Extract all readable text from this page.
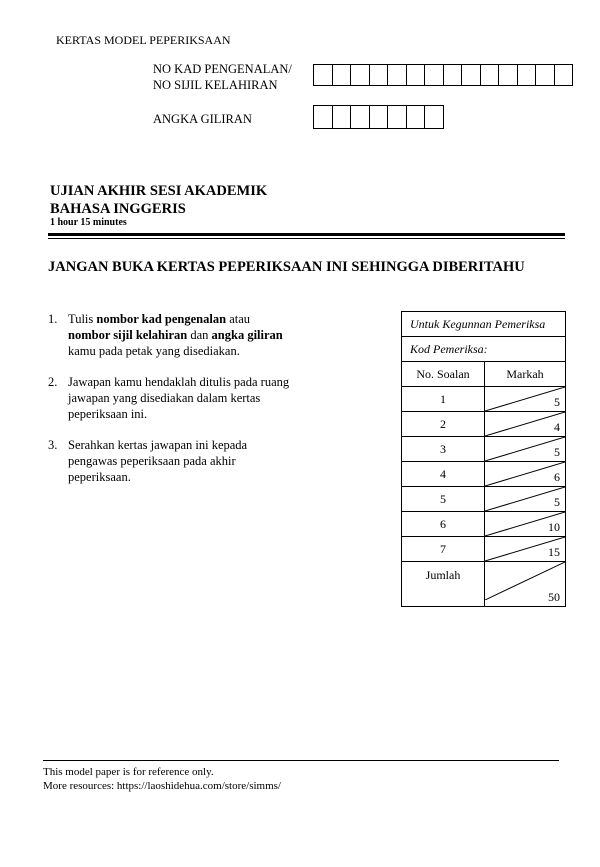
KERTAS MODEL PEPERIKSAAN
NO KAD PENGENALAN/
NO SIJIL KELAHIRAN
ANGKA GILIRAN
UJIAN AKHIR SESI AKADEMIK
BAHASA INGGERIS
1 hour 15 minutes
JANGAN BUKA KERTAS PEPERIKSAAN INI SEHINGGA DIBERITAHU
1. Tulis nombor kad pengenalan atau
nombor sijil kelahiran dan angka giliran
kamu pada petak yang disediakan.
2. Jawapan kamu hendaklah ditulis pada ruang jawapan yang disediakan dalam kertas peperiksaan ini.
3. Serahkan kertas jawapan ini kepada pengawas peperiksaan pada akhir peperiksaan.
Untuk Kegunnan Pemeriksa	
Kod Pemeriksa:	
No. Soalan	Markah
1	5

2	4

3	5

4	6

5	5

6	10

7	15

Jumlah	50
This model paper is for reference only.
More resources: https://laoshidehua.com/store/simms/
